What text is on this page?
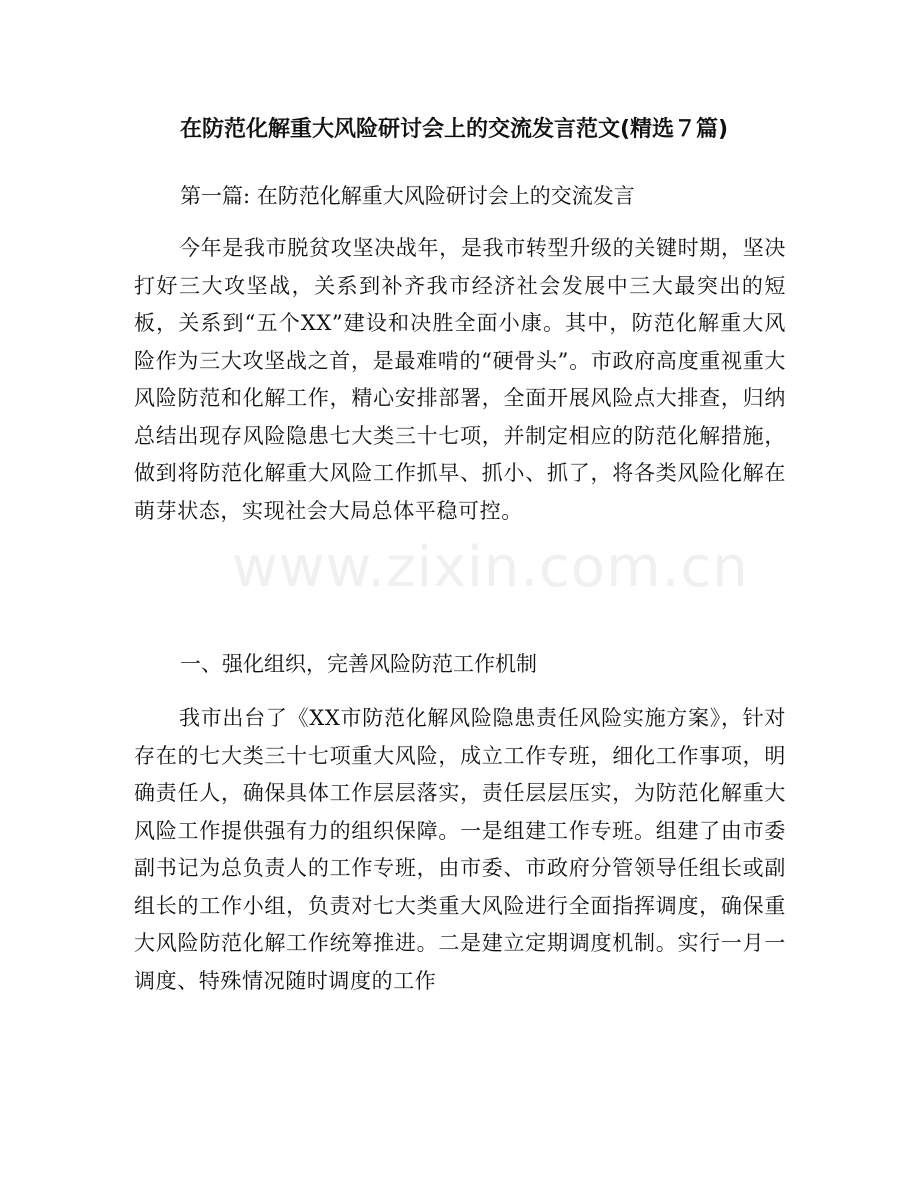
在防范化解重大风险研讨会上的交流发言范文(精选７篇)
第一篇: 在防范化解重大风险研讨会上的交流发言
今年是我市脱贫攻坚决战年，是我市转型升级的关键时期，坚决打好三大攻坚战，关系到补齐我市经济社会发展中三大最突出的短板，关系到“五个XX”建设和决胜全面小康。其中，防范化解重大风险作为三大攻坚战之首，是最难啃的“硬骨头”。市政府高度重视重大风险防范和化解工作，精心安排部署，全面开展风险点大排查，归纳总结出现存风险隐患七大类三十七项，并制定相应的防范化解措施，做到将防范化解重大风险工作抓早、抓小、抓了，将各类风险化解在萌芽状态，实现社会大局总体平稳可控。
一、强化组织，完善风险防范工作机制
我市出台了《XX市防范化解风险隐患责任风险实施方案》，针对存在的七大类三十七项重大风险，成立工作专班，细化工作事项，明确责任人，确保具体工作层层落实，责任层层压实，为防范化解重大风险工作提供强有力的组织保障。一是组建工作专班。组建了由市委副书记为总负责人的工作专班，由市委、市政府分管领导任组长或副组长的工作小组，负责对七大类重大风险进行全面指挥调度，确保重大风险防范化解工作统筹推进。二是建立定期调度机制。实行一月一调度、特殊情况随时调度的工作
www.zixin.com.cn
